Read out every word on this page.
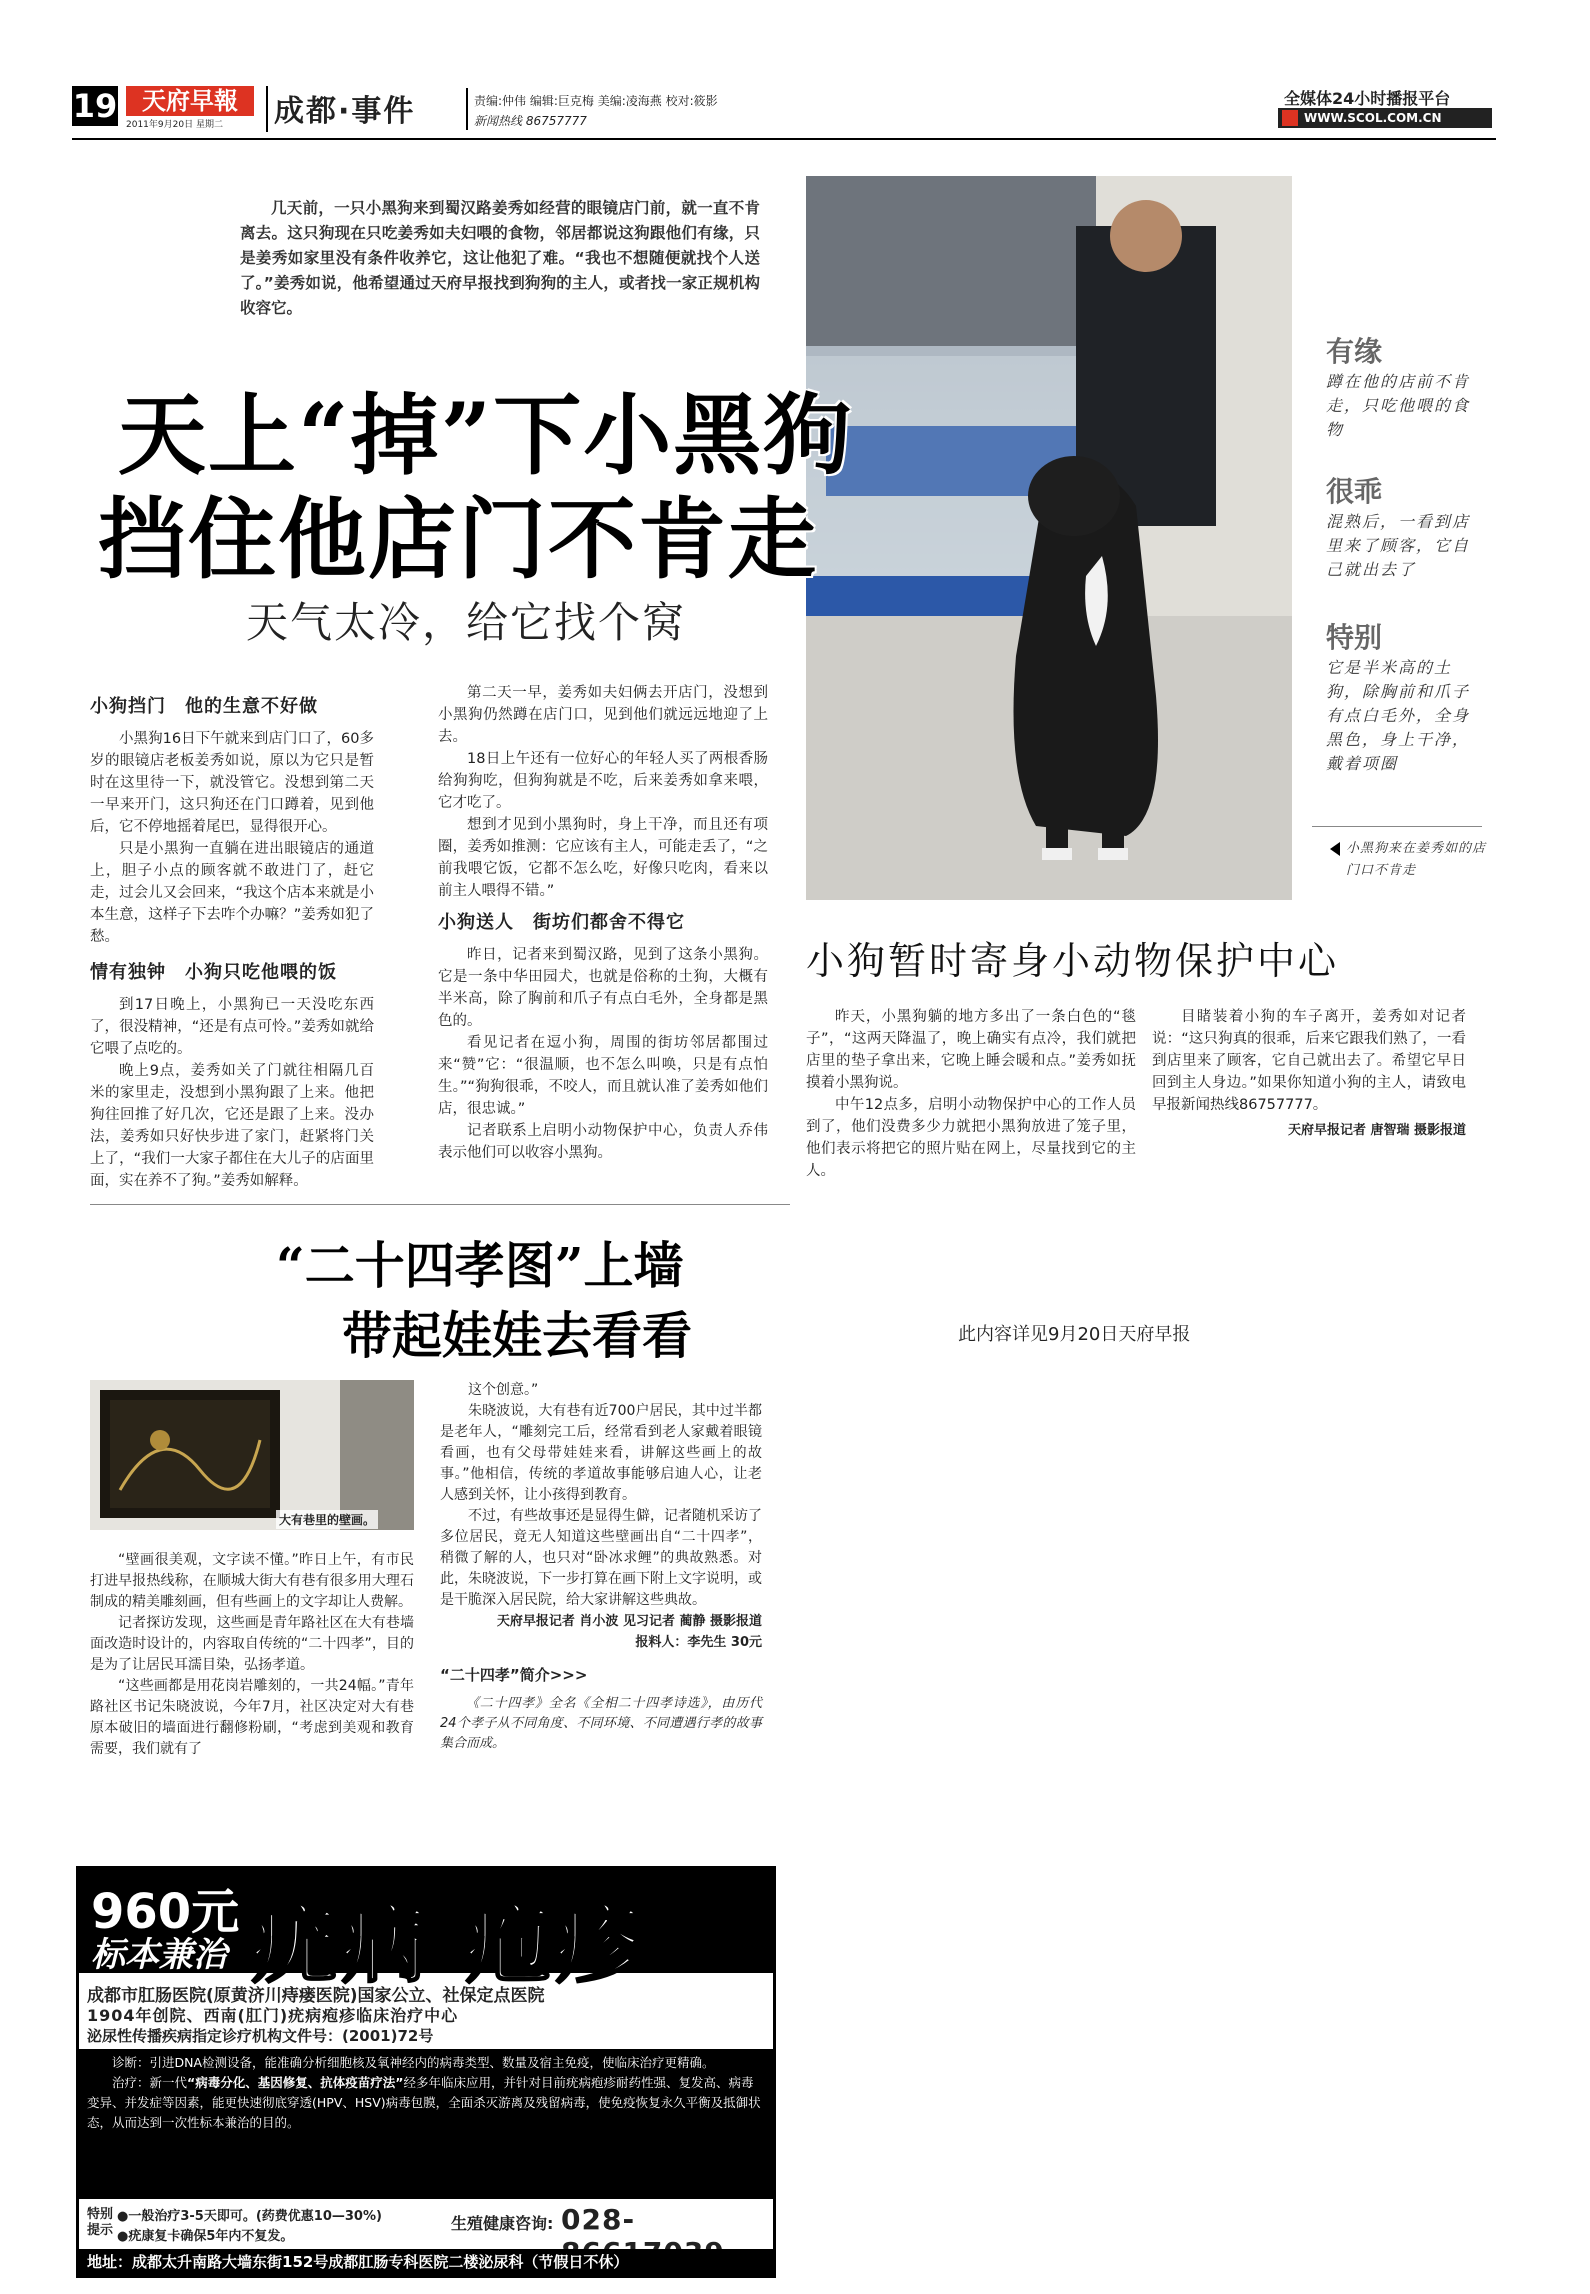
19	天府早報
2011年9月20日 星期二	成都·事件	责编:仲伟 编辑:巨克梅 美编:凌海燕 校对:筱影
新闻热线 86757777
全媒体24小时播报平台
WWW.SCOL.COM.CN

几天前，一只小黑狗来到蜀汉路姜秀如经营的眼镜店门前，就一直不肯离去。这只狗现在只吃姜秀如夫妇喂的食物，邻居都说这狗跟他们有缘，只是姜秀如家里没有条件收养它，这让他犯了难。“我也不想随便就找个人送了。”姜秀如说，他希望通过天府早报找到狗狗的主人，或者找一家正规机构收容它。

天上“掉”下小黑狗
挡住他店门不肯走
天气太冷，给它找个窝
有缘
蹲在他的店前不肯走，只吃他喂的食物
很乖
混熟后，一看到店里来了顾客，它自己就出去了
特别
它是半米高的土狗，除胸前和爪子有点白毛外，全身黑色，身上干净，戴着项圈
小黑狗来在姜秀如的店门口不肯走
小狗挡门　他的生意不好做

小黑狗16日下午就来到店门口了，60多岁的眼镜店老板姜秀如说，原以为它只是暂时在这里待一下，就没管它。没想到第二天一早来开门，这只狗还在门口蹲着，见到他后，它不停地摇着尾巴，显得很开心。

只是小黑狗一直躺在进出眼镜店的通道上，胆子小点的顾客就不敢进门了，赶它走，过会儿又会回来，“我这个店本来就是小本生意，这样子下去咋个办嘛？”姜秀如犯了愁。

情有独钟　小狗只吃他喂的饭

到17日晚上，小黑狗已一天没吃东西了，很没精神，“还是有点可怜。”姜秀如就给它喂了点吃的。

晚上9点，姜秀如关了门就往相隔几百米的家里走，没想到小黑狗跟了上来。他把狗往回推了好几次，它还是跟了上来。没办法，姜秀如只好快步进了家门，赶紧将门关上了，“我们一大家子都住在大儿子的店面里面，实在养不了狗。”姜秀如解释。

第二天一早，姜秀如夫妇俩去开店门，没想到小黑狗仍然蹲在店门口，见到他们就远远地迎了上去。

18日上午还有一位好心的年轻人买了两根香肠给狗狗吃，但狗狗就是不吃，后来姜秀如拿来喂，它才吃了。

想到才见到小黑狗时，身上干净，而且还有项圈，姜秀如推测：它应该有主人，可能走丢了，“之前我喂它饭，它都不怎么吃，好像只吃肉，看来以前主人喂得不错。”

小狗送人　街坊们都舍不得它

昨日，记者来到蜀汉路，见到了这条小黑狗。它是一条中华田园犬，也就是俗称的土狗，大概有半米高，除了胸前和爪子有点白毛外，全身都是黑色的。

看见记者在逗小狗，周围的街坊邻居都围过来“赞”它：“很温顺，也不怎么叫唤，只是有点怕生。”“狗狗很乖，不咬人，而且就认准了姜秀如他们店，很忠诚。”

记者联系上启明小动物保护中心，负责人乔伟表示他们可以收容小黑狗。

小狗暂时寄身小动物保护中心

昨天，小黑狗躺的地方多出了一条白色的“毯子”，“这两天降温了，晚上确实有点冷，我们就把店里的垫子拿出来，它晚上睡会暖和点。”姜秀如抚摸着小黑狗说。

中午12点多，启明小动物保护中心的工作人员到了，他们没费多少力就把小黑狗放进了笼子里，他们表示将把它的照片贴在网上，尽量找到它的主人。

目睹装着小狗的车子离开，姜秀如对记者说：“这只狗真的很乖，后来它跟我们熟了，一看到店里来了顾客，它自己就出去了。希望它早日回到主人身边。”如果你知道小狗的主人，请致电早报新闻热线86757777。

天府早报记者 唐智瑞 摄影报道
“二十四孝图”上墙
带起娃娃去看看	此内容详见9月20日天府早报
大有巷里的壁画。

“壁画很美观，文字读不懂。”昨日上午，有市民打进早报热线称，在顺城大街大有巷有很多用大理石制成的精美雕刻画，但有些画上的文字却让人费解。

记者探访发现，这些画是青年路社区在大有巷墙面改造时设计的，内容取自传统的“二十四孝”，目的是为了让居民耳濡目染，弘扬孝道。

“这些画都是用花岗岩雕刻的，一共24幅。”青年路社区书记朱晓波说，今年7月，社区决定对大有巷原本破旧的墙面进行翻修粉刷，“考虑到美观和教育需要，我们就有了

这个创意。”

朱晓波说，大有巷有近700户居民，其中过半都是老年人，“雕刻完工后，经常看到老人家戴着眼镜看画，也有父母带娃娃来看，讲解这些画上的故事。”他相信，传统的孝道故事能够启迪人心，让老人感到关怀，让小孩得到教育。

不过，有些故事还是显得生僻，记者随机采访了多位居民，竟无人知道这些壁画出自“二十四孝”，稍微了解的人，也只对“卧冰求鲤”的典故熟悉。对此，朱晓波说，下一步打算在画下附上文字说明，或是干脆深入居民院，给大家讲解这些典故。

天府早报记者 肖小波 见习记者 蔺静 摄影报道
报料人：李先生 30元
“二十四孝”简介>>>
《二十四孝》全名《全相二十四孝诗选》，由历代24个孝子从不同角度、不同环境、不同遭遇行孝的故事集合而成。
960元
标本兼治 疣病 疱疹
成都市肛肠医院(原黄济川痔瘘医院)国家公立、社保定点医院
1904年创院、西南(肛门)疣病疱疹临床治疗中心
泌尿性传播疾病指定诊疗机构文件号：(2001)72号
诊断：引进DNA检测设备，能准确分析细胞核及氧神经内的病毒类型、数量及宿主免疫，使临床治疗更精确。
治疗：新一代“病毒分化、基因修复、抗体疫苗疗法”经多年临床应用，并针对目前疣病疱疹耐药性强、复发高、病毒变异、并发症等因素，能更快速彻底穿透(HPV、HSV)病毒包膜，全面杀灭游离及残留病毒，使免疫恢复永久平衡及抵御状态，从而达到一次性标本兼治的目的。
特别 提示
●一般治疗3-5天即可。(药费优惠10—30%)
●疣康复卡确保5年内不复发。
生殖健康咨询: 028-
地址：成都太升南路大墙东街152号成都肛肠专科医院二楼泌尿科（节假日不休）
